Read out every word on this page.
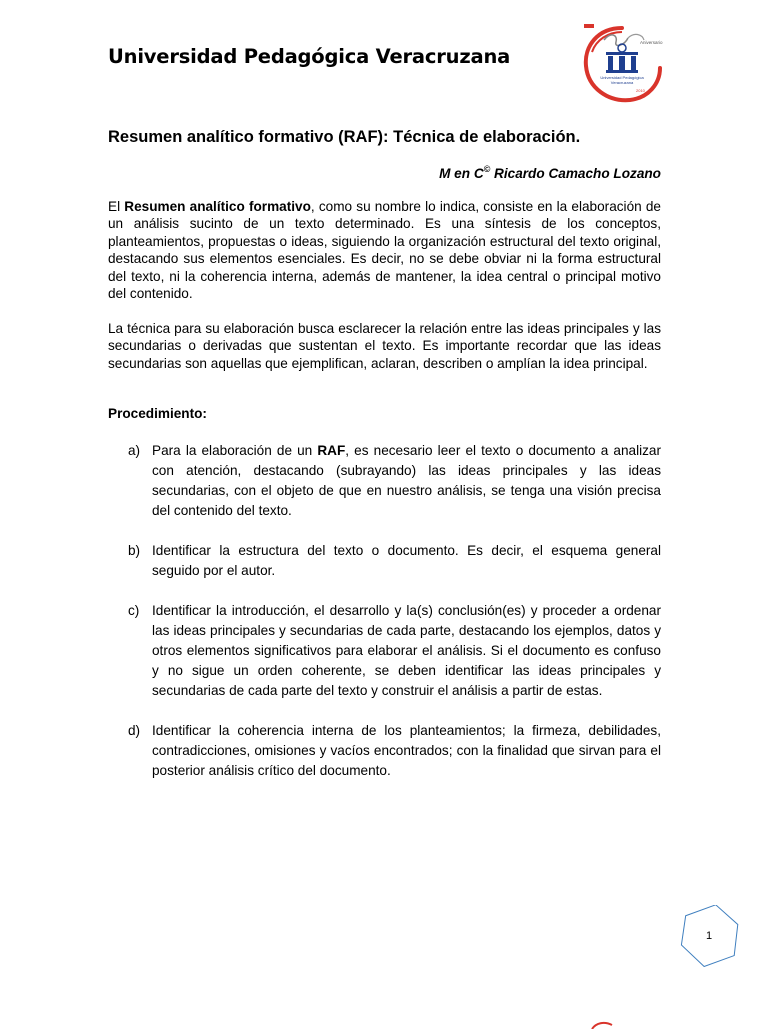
Universidad Pedagógica Veracruzana
Aniversario
Universidad Pedagógica
Veracruzana
2010
Resumen analítico formativo (RAF): Técnica de elaboración.
M en C© Ricardo Camacho Lozano

El Resumen analítico formativo, como su nombre lo indica, consiste en la elaboración de un análisis sucinto de un texto determinado. Es una síntesis de los conceptos, planteamientos, propuestas o ideas, siguiendo la organización estructural del texto original, destacando sus elementos esenciales. Es decir, no se debe obviar ni la forma estructural del texto, ni la coherencia interna, además de mantener, la idea central o principal motivo del contenido.

La técnica para su elaboración busca esclarecer la relación entre las ideas principales y las secundarias o derivadas que sustentan el texto. Es importante recordar que las ideas secundarias son aquellas que ejemplifican, aclaran, describen o amplían la idea principal.

Procedimiento:
a) Para la elaboración de un RAF, es necesario leer el texto o documento a analizar con atención, destacando (subrayando) las ideas principales y las ideas secundarias, con el objeto de que en nuestro análisis, se tenga una visión precisa del contenido del texto.
b) Identificar la estructura del texto o documento. Es decir, el esquema general seguido por el autor.
c) Identificar la introducción, el desarrollo y la(s) conclusión(es) y proceder a ordenar las ideas principales y secundarias de cada parte, destacando los ejemplos, datos y otros elementos significativos para elaborar el análisis. Si el documento es confuso y no sigue un orden coherente, se deben identificar las ideas principales y secundarias de cada parte del texto y construir el análisis a partir de estas.
d) Identificar la coherencia interna de los planteamientos; la firmeza, debilidades, contradicciones, omisiones y vacíos encontrados; con la finalidad que sirvan para el posterior análisis crítico del documento.
1
